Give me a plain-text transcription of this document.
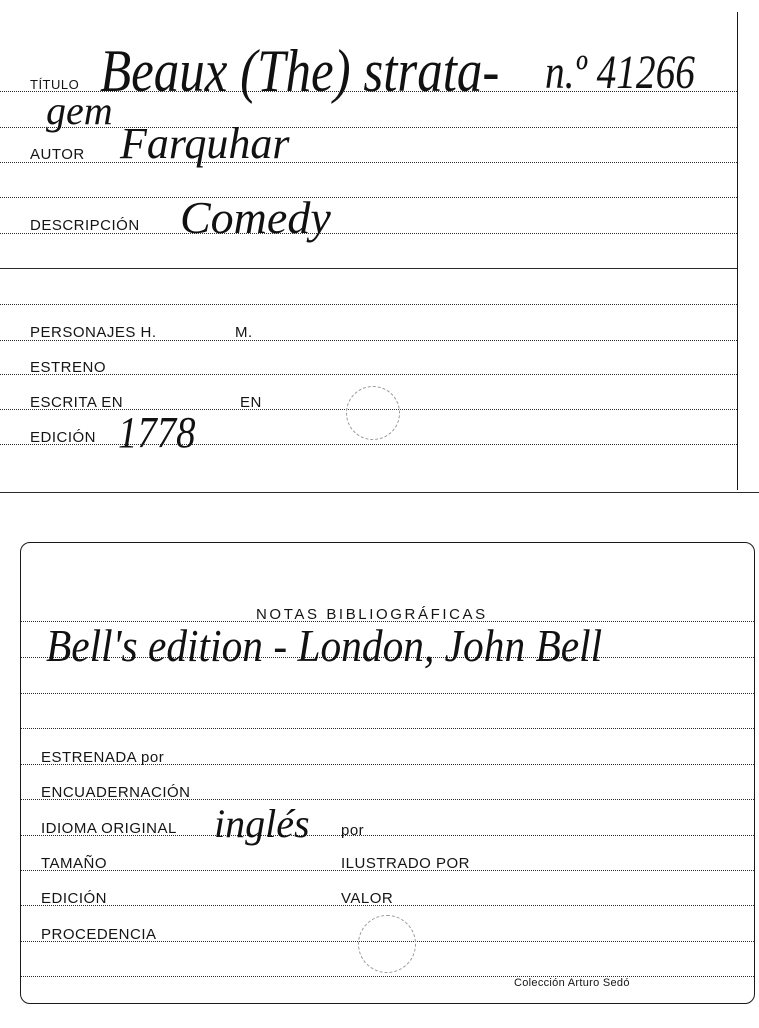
TÍTULO Beaux (The) strata- n.º 41266
gem
AUTOR Farquhar
DESCRIPCIÓN Comedy
PERSONAJES H.	M.
ESTRENO
ESCRITA EN	EN
EDICIÓN 1778
NOTAS BIBLIOGRÁFICAS
Bell's edition - London, John Bell
ESTRENADA por
ENCUADERNACIÓN
IDIOMA ORIGINAL inglés por
TAMAÑO	ILUSTRADO POR
EDICIÓN	VALOR
PROCEDENCIA
Colección Arturo Sedó
